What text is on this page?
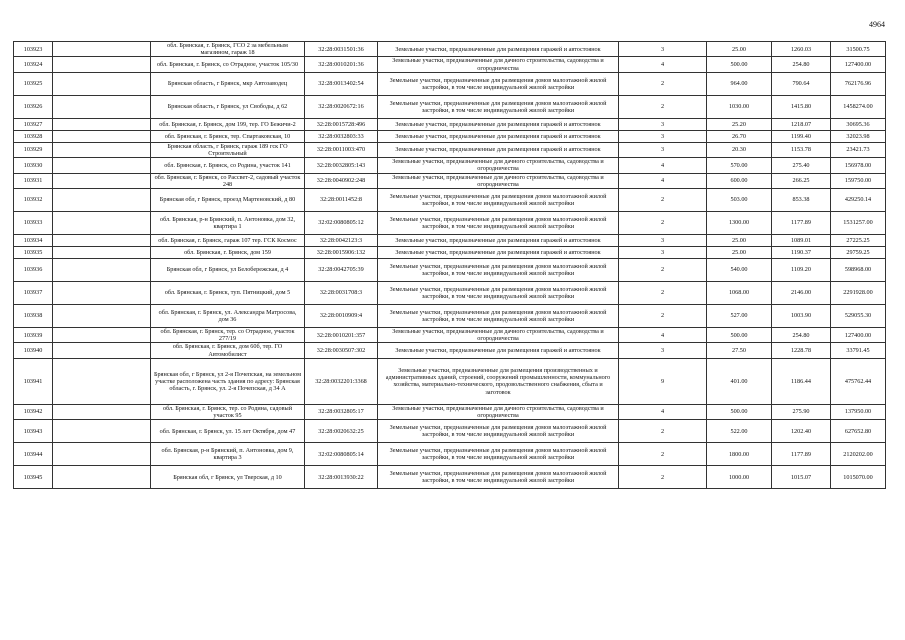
4964
103923		обл. Брянская, г. Брянск, ГСО 2 за мебельным магазином, гараж 18	32:28:0031501:36	Земельные участки, предназначенные для размещения гаражей и автостоянок	3	25.00	1260.03	31500.75
103924		обл. Брянская, г. Брянск, со Отрадное, участок 105/30	32:28:0010201:36	Земельные участки, предназначенные для дачного строительства, садоводства и огородничества	4	500.00	254.80	127400.00
103925		Брянская область, г Брянск, мкр Автозаводец	32:28:0013402:54	Земельные участки, предназначенные для размещения домов малоэтажной жилой застройки, в том числе индивидуальной жилой застройки	2	964.00	790.64	762176.96
103926		Брянская область, г Брянск, ул Свободы, д 62	32:28:0020672:16	Земельные участки, предназначенные для размещения домов малоэтажной жилой застройки, в том числе индивидуальной жилой застройки	2	1030.00	1415.80	1458274.00
103927		обл. Брянская, г. Брянск, дом 199, тер. ГО Бежичи-2	32:28:0015728:496	Земельные участки, предназначенные для размещения гаражей и автостоянок	3	25.20	1218.07	30695.36
103928		обл. Брянская, г. Брянск, тер. Спартаковская, 10	32:28:0032803:33	Земельные участки, предназначенные для размещения гаражей и автостоянок	3	26.70	1199.40	32023.98
103929		Брянская область, г Брянск, гараж 189 гск ГО Строительный	32:28:0011003:470	Земельные участки, предназначенные для размещения гаражей и автостоянок	3	20.30	1153.78	23421.73
103930		обл. Брянская, г. Брянск, со Родина, участок 141	32:28:0032805:143	Земельные участки, предназначенные для дачного строительства, садоводства и огородничества	4	570.00	275.40	156978.00
103931		обл. Брянская, г. Брянск, со Рассвет-2, садовый участок 248	32:28:0040902:248	Земельные участки, предназначенные для дачного строительства, садоводства и огородничества	4	600.00	266.25	159750.00
103932		Брянская обл, г Брянск, проезд Мартеновский, д 80	32:28:0011452:8	Земельные участки, предназначенные для размещения домов малоэтажной жилой застройки, в том числе индивидуальной жилой застройки	2	503.00	853.38	429250.14
103933		обл. Брянская, р-н Брянский, п. Антоновка, дом 32, квартира 1	32:02:0080805:12	Земельные участки, предназначенные для размещения домов малоэтажной жилой застройки, в том числе индивидуальной жилой застройки	2	1300.00	1177.89	1531257.00
103934		обл. Брянская, г. Брянск, гараж 107 тер. ГСК Космос	32:28:0042123:3	Земельные участки, предназначенные для размещения гаражей и автостоянок	3	25.00	1089.01	27225.25
103935		обл. Брянская, г. Брянск, дом 159	32:28:0015906:132	Земельные участки, предназначенные для размещения гаражей и автостоянок	3	25.00	1190.37	29759.25
103936		Брянская обл, г Брянск, ул Белобережская, д 4	32:28:0042705:39	Земельные участки, предназначенные для размещения домов малоэтажной жилой застройки, в том числе индивидуальной жилой застройки	2	540.00	1109.20	598968.00
103937		обл. Брянская, г. Брянск, туп. Пятницкий, дом 5	32:28:0031708:3	Земельные участки, предназначенные для размещения домов малоэтажной жилой застройки, в том числе индивидуальной жилой застройки	2	1068.00	2146.00	2291928.00
103938		обл. Брянская, г. Брянск, ул. Александра Матросова, дом 36	32:28:0010909:4	Земельные участки, предназначенные для размещения домов малоэтажной жилой застройки, в том числе индивидуальной жилой застройки	2	527.00	1003.90	529055.30
103939		обл. Брянская, г. Брянск, тер. со Отрадное, участок 277/19	32:28:0010201:357	Земельные участки, предназначенные для дачного строительства, садоводства и огородничества	4	500.00	254.80	127400.00
103940		обл. Брянская, г. Брянск, дом 60б, тер. ГО Автомобилист	32:28:0030507:302	Земельные участки, предназначенные для размещения гаражей и автостоянок	3	27.50	1228.78	33791.45
103941		Брянская обл, г Брянск, ул 2-я Почепская, на земельном участке расположена часть здания по адресу: Брянская область, г. Брянск, ул. 2-я Почепская, д 34 А	32:28:0032201:3368	Земельные участки, предназначенные для размещения производственных и административных зданий, строений, сооружений промышленности, коммунального хозяйства, материально-технического, продовольственного снабжения, сбыта и заготовок	9	401.00	1186.44	475762.44
103942		обл. Брянская, г. Брянск, тер. со Родина, садовый участок 95	32:28:0032805:17	Земельные участки, предназначенные для дачного строительства, садоводства и огородничества	4	500.00	275.90	137950.00
103943		обл. Брянская, г. Брянск, ул. 15 лет Октября, дом 47	32:28:0020632:25	Земельные участки, предназначенные для размещения домов малоэтажной жилой застройки, в том числе индивидуальной жилой застройки	2	522.00	1202.40	627652.80
103944		обл. Брянская, р-н Брянский, п. Антоновка, дом 9, квартира 3	32:02:0080805:14	Земельные участки, предназначенные для размещения домов малоэтажной жилой застройки, в том числе индивидуальной жилой застройки	2	1800.00	1177.89	2120202.00
103945		Брянская обл, г Брянск, ул Тверская, д 10	32:28:0013930:22	Земельные участки, предназначенные для размещения домов малоэтажной жилой застройки, в том числе индивидуальной жилой застройки	2	1000.00	1015.07	1015070.00
